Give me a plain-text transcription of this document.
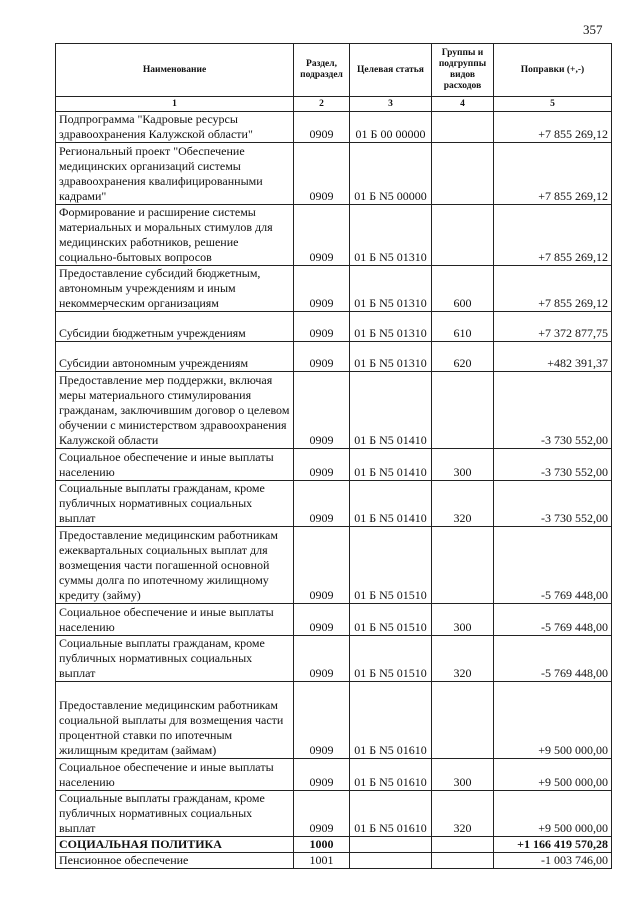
357
Наименование	Раздел, подраздел	Целевая статья	Группы и подгруппы видов расходов	Поправки (+,-)
1	2	3	4	5
Подпрограмма "Кадровые ресурсы здравоохранения Калужской области"	0909	01 Б 00 00000		+7 855 269,12
Региональный проект "Обеспечение медицинских организаций системы здравоохранения квалифицированными кадрами"	0909	01 Б N5 00000		+7 855 269,12
Формирование и расширение системы материальных и моральных стимулов для медицинских работников, решение социально-бытовых вопросов	0909	01 Б N5 01310		+7 855 269,12
Предоставление субсидий бюджетным, автономным учреждениям и иным некоммерческим организациям	0909	01 Б N5 01310	600	+7 855 269,12
Субсидии бюджетным учреждениям	0909	01 Б N5 01310	610	+7 372 877,75
Субсидии автономным учреждениям	0909	01 Б N5 01310	620	+482 391,37
Предоставление мер поддержки, включая меры материального стимулирования гражданам, заключившим договор о целевом обучении с министерством здравоохранения Калужской области	0909	01 Б N5 01410		-3 730 552,00
Социальное обеспечение и иные выплаты населению	0909	01 Б N5 01410	300	-3 730 552,00
Социальные выплаты гражданам, кроме публичных нормативных социальных выплат	0909	01 Б N5 01410	320	-3 730 552,00
Предоставление медицинским работникам ежеквартальных социальных выплат для возмещения части погашенной основной суммы долга по ипотечному жилищному кредиту (займу)	0909	01 Б N5 01510		-5 769 448,00
Социальное обеспечение и иные выплаты населению	0909	01 Б N5 01510	300	-5 769 448,00
Социальные выплаты гражданам, кроме публичных нормативных социальных выплат	0909	01 Б N5 01510	320	-5 769 448,00
Предоставление медицинским работникам социальной выплаты для возмещения части процентной ставки по ипотечным жилищным кредитам (займам)	0909	01 Б N5 01610		+9 500 000,00
Социальное обеспечение и иные выплаты населению	0909	01 Б N5 01610	300	+9 500 000,00
Социальные выплаты гражданам, кроме публичных нормативных социальных выплат	0909	01 Б N5 01610	320	+9 500 000,00
СОЦИАЛЬНАЯ ПОЛИТИКА	1000			+1 166 419 570,28
Пенсионное обеспечение	1001			-1 003 746,00
